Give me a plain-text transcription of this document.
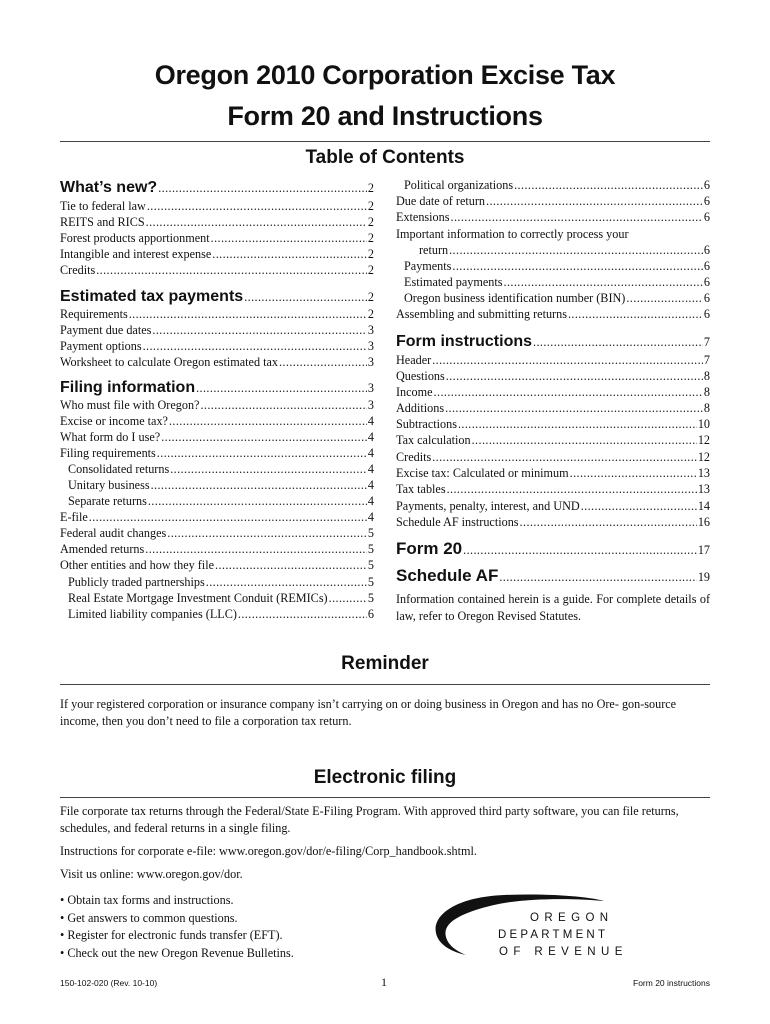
Oregon 2010 Corporation Excise Tax
Form 20 and Instructions
Table of Contents
What’s new? .....	2
Tie to federal law .....	2
REITS and RICS .....	2
Forest products apportionment .....	2
Intangible and interest expense .....	2
Credits .....	2
Estimated tax payments .....	2
Requirements .....	2
Payment due dates .....	3
Payment options .....	3
Worksheet to calculate Oregon estimated tax .....	3
Filing information .....	3
Who must file with Oregon? .....	3
Excise or income tax? .....	4
What form do I use? .....	4
Filing requirements .....	4
Consolidated returns .....	4
Unitary business .....	4
Separate returns .....	4
E-file .....	4
Federal audit changes .....	5
Amended returns .....	5
Other entities and how they file .....	5
Publicly traded partnerships .....	5
Real Estate Mortgage Investment Conduit (REMICs) .....	5
Limited liability companies (LLC) .....	6
Political organizations .....	6
Due date of return .....	6
Extensions .....	6
Important information to correctly process your
return .....	6
Payments .....	6
Estimated payments .....	6
Oregon business identification number (BIN) .....	6
Assembling and submitting returns .....	6
Form instructions .....	7
Header .....	7
Questions .....	8
Income .....	8
Additions .....	8
Subtractions .....	10
Tax calculation .....	12
Credits .....	12
Excise tax: Calculated or minimum .....	13
Tax tables .....	13
Payments, penalty, interest, and UND .....	14
Schedule AF instructions .....	16
Form 20 .....	17
Schedule AF .....	19
Information contained herein is a guide. For complete details of law, refer to Oregon Revised Statutes.
Reminder
If your registered corporation or insurance company isn’t carrying on or doing business in Oregon and has no Ore- gon-source income, then you don’t need to file a corporation tax return.
Electronic filing
File corporate tax returns through the Federal/State E-Filing Program. With approved third party software, you can file returns, schedules, and federal returns in a single filing.
Instructions for corporate e-file: www.oregon.gov/dor/e-filing/Corp_handbook.shtml.
Visit us online: www.oregon.gov/dor.
• Obtain tax forms and instructions.
• Get answers to common questions.
• Register for electronic funds transfer (EFT).
• Check out the new Oregon Revenue Bulletins.
OREGON
DEPARTMENT
OF REVENUE
150-102-020 (Rev. 10-10)	1	Form 20 instructions
